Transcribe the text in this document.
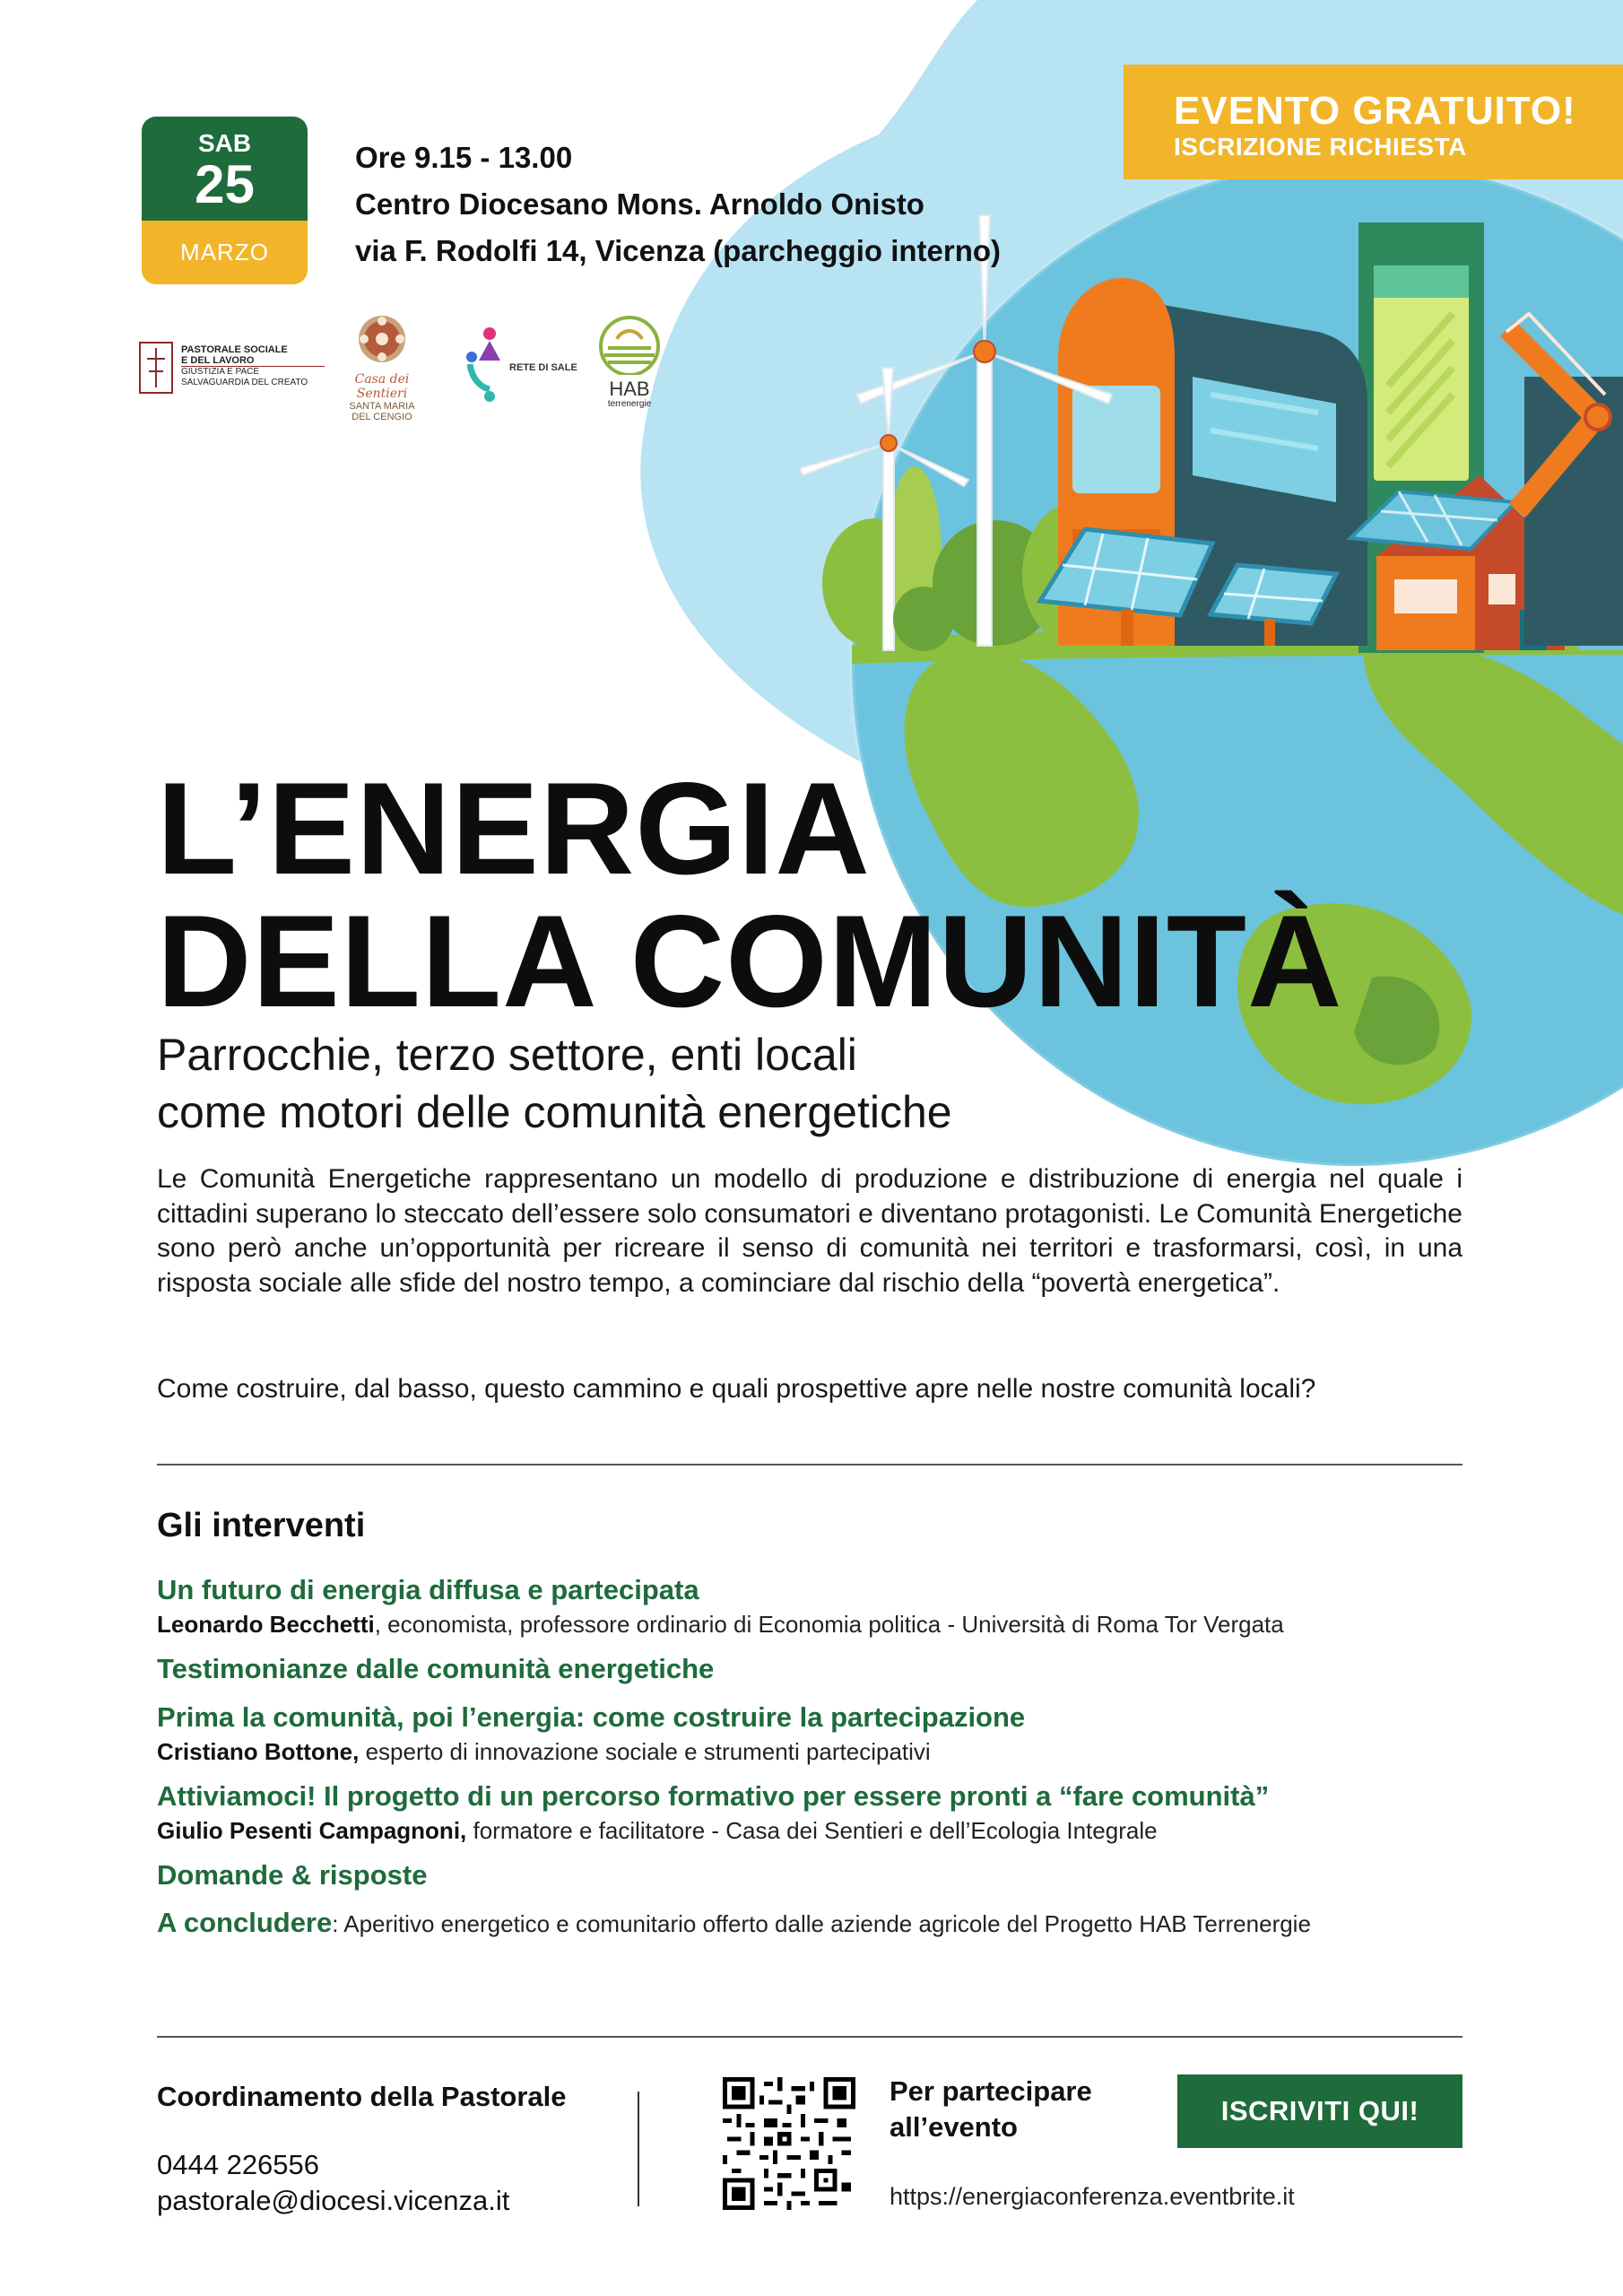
SAB
25
MARZO
Ore 9.15 - 13.00
Centro Diocesano Mons. Arnoldo Onisto
via F. Rodolfi 14, Vicenza (parcheggio interno)
EVENTO GRATUITO!
ISCRIZIONE RICHIESTA
PASTORALE SOCIALE
E DEL LAVORO
GIUSTIZIA E PACE
SALVAGUARDIA DEL CREATO	Casa dei Sentieri
SANTA MARIA
DEL CENGIO
RETE DI SALE
HAB
terrenergie
L’ENERGIA
DELLA COMUNITÀ
Parrocchie, terzo settore, enti locali
come motori delle comunità energetiche

Le Comunità Energetiche rappresentano un modello di produzione e distribuzione di energia nel quale i cittadini superano lo steccato dell’essere solo consumatori e diventano protagonisti. Le Comunità Energetiche sono però anche un’opportunità per ricreare il senso di comunità nei territori e trasformarsi, così, in una risposta sociale alle sfide del nostro tempo, a cominciare dal rischio della “povertà energetica”.

Come costruire, dal basso, questo cammino e quali prospettive apre nelle nostre comunità locali?

Gli interventi
Un futuro di energia diffusa e partecipata
Leonardo Becchetti, economista, professore ordinario di Economia politica - Università di Roma Tor Vergata
Testimonianze dalle comunità energetiche
Prima la comunità, poi l’energia: come costruire la partecipazione
Cristiano Bottone, esperto di innovazione sociale e strumenti partecipativi
Attiviamoci! Il progetto di un percorso formativo per essere pronti a “fare comunità”
Giulio Pesenti Campagnoni, formatore e facilitatore - Casa dei Sentieri e dell’Ecologia Integrale
Domande & risposte
A concludere: Aperitivo energetico e comunitario offerto dalle aziende agricole del Progetto HAB Terrenergie
Coordinamento della Pastorale
0444 226556
pastorale@diocesi.vicenza.it
Per partecipare
all’evento
https://energiaconferenza.eventbrite.it
ISCRIVITI QUI!
